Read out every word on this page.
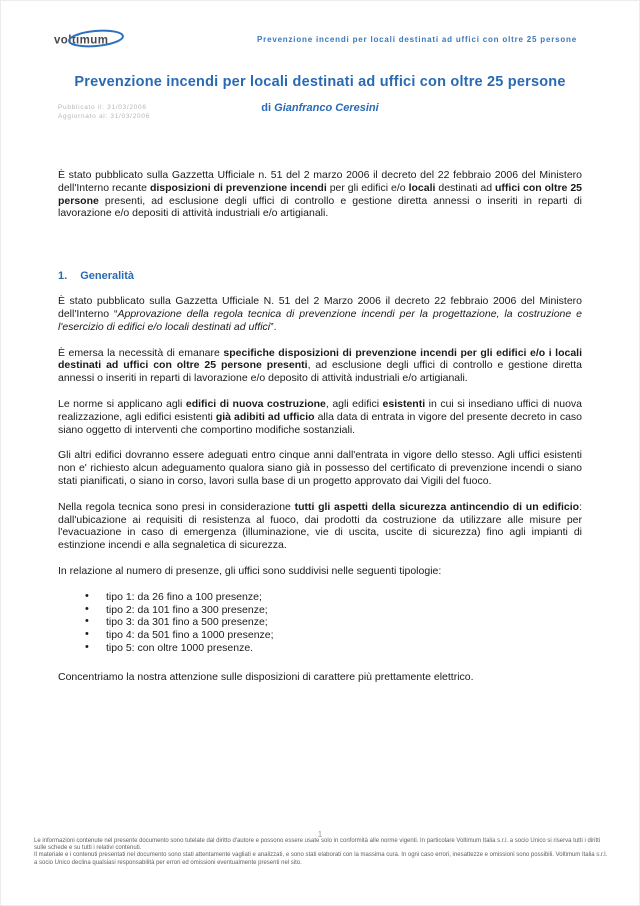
voltimum	Prevenzione incendi per locali destinati ad uffici con oltre 25 persone
Prevenzione incendi per locali destinati ad uffici con oltre 25 persone
Pubblicato il: 31/03/2006
Aggiornato al: 31/03/2006
di Gianfranco Ceresini

È stato pubblicato sulla Gazzetta Ufficiale n. 51 del 2 marzo 2006 il decreto del 22 febbraio 2006 del Ministero dell'Interno recante disposizioni di prevenzione incendi per gli edifici e/o locali destinati ad uffici con oltre 25 persone presenti, ad esclusione degli uffici di controllo e gestione diretta annessi o inseriti in reparti di lavorazione e/o depositi di attività industriali e/o artigianali.

1. Generalità

È stato pubblicato sulla Gazzetta Ufficiale N. 51 del 2 Marzo 2006 il decreto 22 febbraio 2006 del Ministero dell'Interno “Approvazione della regola tecnica di prevenzione incendi per la progettazione, la costruzione e l'esercizio di edifici e/o locali destinati ad uffici”.

È emersa la necessità di emanare specifiche disposizioni di prevenzione incendi per gli edifici e/o i locali destinati ad uffici con oltre 25 persone presenti, ad esclusione degli uffici di controllo e gestione diretta annessi o inseriti in reparti di lavorazione e/o deposito di attività industriali e/o artigianali.

Le norme si applicano agli edifici di nuova costruzione, agli edifici esistenti in cui si insediano uffici di nuova realizzazione, agli edifici esistenti già adibiti ad ufficio alla data di entrata in vigore del presente decreto in caso siano oggetto di interventi che comportino modifiche sostanziali.

Gli altri edifici dovranno essere adeguati entro cinque anni dall'entrata in vigore dello stesso. Agli uffici esistenti non e' richiesto alcun adeguamento qualora siano già in possesso del certificato di prevenzione incendi o siano stati pianificati, o siano in corso, lavori sulla base di un progetto approvato dai Vigili del fuoco.

Nella regola tecnica sono presi in considerazione tutti gli aspetti della sicurezza antincendio di un edificio: dall'ubicazione ai requisiti di resistenza al fuoco, dai prodotti da costruzione da utilizzare alle misure per l'evacuazione in caso di emergenza (illuminazione, vie di uscita, uscite di sicurezza) fino agli impianti di estinzione incendi e alla segnaletica di sicurezza.

In relazione al numero di presenze, gli uffici sono suddivisi nelle seguenti tipologie:

• tipo 1: da 26 fino a 100 presenze;
• tipo 2: da 101 fino a 300 presenze;
• tipo 3: da 301 fino a 500 presenze;
• tipo 4: da 501 fino a 1000 presenze;
• tipo 5: con oltre 1000 presenze.

Concentriamo la nostra attenzione sulle disposizioni di carattere più prettamente elettrico.

1

Le informazioni contenute nel presente documento sono tutelate dal diritto d'autore e possono essere usate solo in conformità alle norme vigenti. In particolare Voltimum Italia s.r.l. a socio Unico si riserva tutti i diritti sulle schede e su tutti i relativi contenuti.

Il materiale e i contenuti presentati nel documento sono stati attentamente vagliati e analizzati, e sono stati elaborati con la massima cura. In ogni caso errori, inesattezze e omissioni sono possibili. Voltimum Italia s.r.l. a socio Unico declina qualsiasi responsabilità per errori ed omissioni eventualmente presenti nel sito.
